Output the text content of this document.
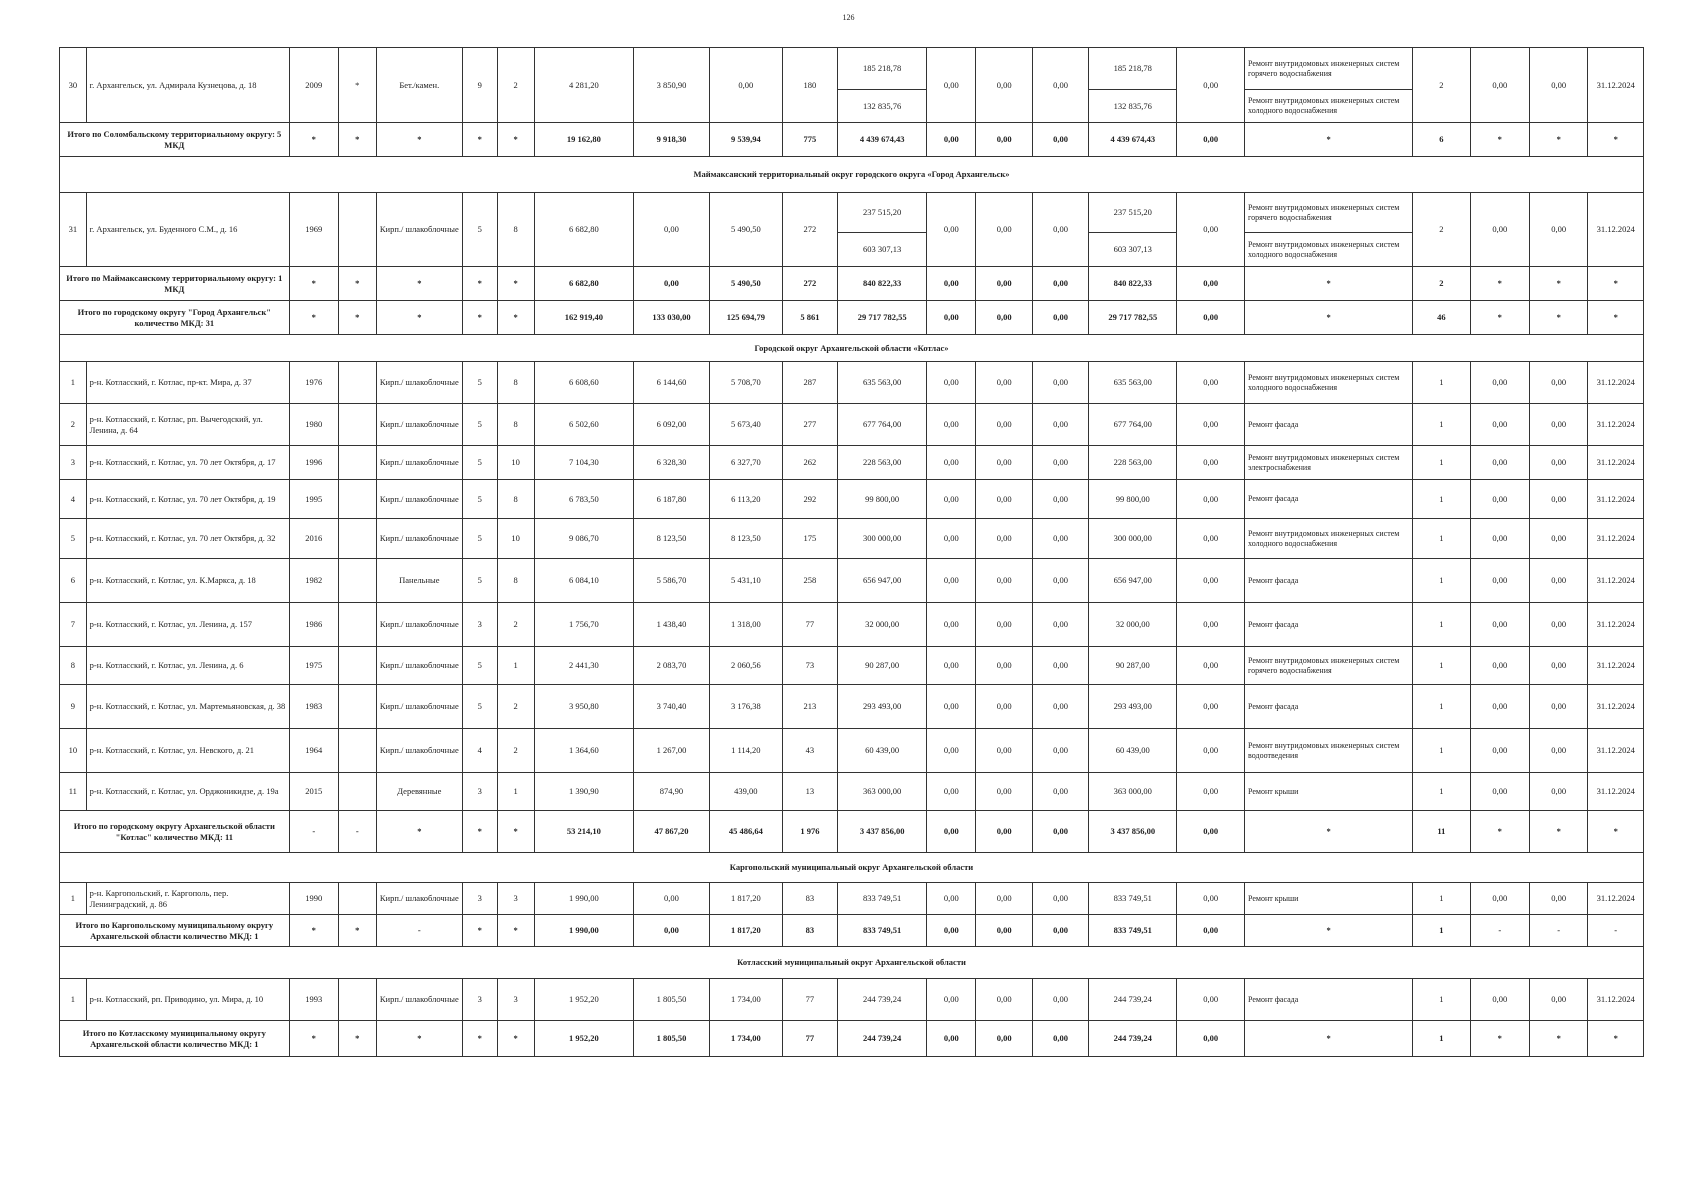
126
30	г. Архангельск, ул. Адмирала Кузнецова, д. 18	2009	*	Бет./камен.	9	2	4 281,20	3 850,90	0,00	180	185 218,78	0,00	0,00	0,00	185 218,78	0,00	Ремонт внутридомовых инженерных систем горячего водоснабжения	2	0,00	0,00	31.12.2024
											132 835,76				132 835,76		Ремонт внутридомовых инженерных систем холодного водоснабжения				
Итого по Соломбальскому территориальному округу: 5 МКД		*	*	*	*	*	19 162,80	9 918,30	9 539,94	775	4 439 674,43	0,00	0,00	0,00	4 439 674,43	0,00	*	6	*	*	*
Маймаксанский территориальный округ городского округа «Город Архангельск»																					
31	г. Архангельск, ул. Буденного С.М., д. 16	1969		Кирп./ шлакоблочные	5	8	6 682,80	0,00	5 490,50	272	237 515,20	0,00	0,00	0,00	237 515,20	0,00	Ремонт внутридомовых инженерных систем горячего водоснабжения	2	0,00	0,00	31.12.2024
											603 307,13				603 307,13		Ремонт внутридомовых инженерных систем холодного водоснабжения				
Итого по Маймаксанскому территориальному округу: 1 МКД		*	*	*	*	*	6 682,80	0,00	5 490,50	272	840 822,33	0,00	0,00	0,00	840 822,33	0,00	*	2	*	*	*
Итого по городскому округу "Город Архангельск" количество МКД: 31		*	*	*	*	*	162 919,40	133 030,00	125 694,79	5 861	29 717 782,55	0,00	0,00	0,00	29 717 782,55	0,00	*	46	*	*	*
Городской округ Архангельской области «Котлас»																					
1	р-н. Котласский, г. Котлас, пр-кт. Мира, д. 37	1976		Кирп./ шлакоблочные	5	8	6 608,60	6 144,60	5 708,70	287	635 563,00	0,00	0,00	0,00	635 563,00	0,00	Ремонт внутридомовых инженерных систем холодного водоснабжения	1	0,00	0,00	31.12.2024
2	р-н. Котласский, г. Котлас, рп. Вычегодский, ул. Ленина, д. 64	1980		Кирп./ шлакоблочные	5	8	6 502,60	6 092,00	5 673,40	277	677 764,00	0,00	0,00	0,00	677 764,00	0,00	Ремонт фасада	1	0,00	0,00	31.12.2024
3	р-н. Котласский, г. Котлас, ул. 70 лет Октября, д. 17	1996		Кирп./ шлакоблочные	5	10	7 104,30	6 328,30	6 327,70	262	228 563,00	0,00	0,00	0,00	228 563,00	0,00	Ремонт внутридомовых инженерных систем электроснабжения	1	0,00	0,00	31.12.2024
4	р-н. Котласский, г. Котлас, ул. 70 лет Октября, д. 19	1995		Кирп./ шлакоблочные	5	8	6 783,50	6 187,80	6 113,20	292	99 800,00	0,00	0,00	0,00	99 800,00	0,00	Ремонт фасада	1	0,00	0,00	31.12.2024
5	р-н. Котласский, г. Котлас, ул. 70 лет Октября, д. 32	2016		Кирп./ шлакоблочные	5	10	9 086,70	8 123,50	8 123,50	175	300 000,00	0,00	0,00	0,00	300 000,00	0,00	Ремонт внутридомовых инженерных систем холодного водоснабжения	1	0,00	0,00	31.12.2024
6	р-н. Котласский, г. Котлас, ул. К.Маркса, д. 18	1982		Панельные	5	8	6 084,10	5 586,70	5 431,10	258	656 947,00	0,00	0,00	0,00	656 947,00	0,00	Ремонт фасада	1	0,00	0,00	31.12.2024
7	р-н. Котласский, г. Котлас, ул. Ленина, д. 157	1986		Кирп./ шлакоблочные	3	2	1 756,70	1 438,40	1 318,00	77	32 000,00	0,00	0,00	0,00	32 000,00	0,00	Ремонт фасада	1	0,00	0,00	31.12.2024
8	р-н. Котласский, г. Котлас, ул. Ленина, д. 6	1975		Кирп./ шлакоблочные	5	1	2 441,30	2 083,70	2 060,56	73	90 287,00	0,00	0,00	0,00	90 287,00	0,00	Ремонт внутридомовых инженерных систем горячего водоснабжения	1	0,00	0,00	31.12.2024
9	р-н. Котласский, г. Котлас, ул. Мартемьяновская, д. 38	1983		Кирп./ шлакоблочные	5	2	3 950,80	3 740,40	3 176,38	213	293 493,00	0,00	0,00	0,00	293 493,00	0,00	Ремонт фасада	1	0,00	0,00	31.12.2024
10	р-н. Котласский, г. Котлас, ул. Невского, д. 21	1964		Кирп./ шлакоблочные	4	2	1 364,60	1 267,00	1 114,20	43	60 439,00	0,00	0,00	0,00	60 439,00	0,00	Ремонт внутридомовых инженерных систем водоотведения	1	0,00	0,00	31.12.2024
11	р-н. Котласский, г. Котлас, ул. Орджоникидзе, д. 19а	2015		Деревянные	3	1	1 390,90	874,90	439,00	13	363 000,00	0,00	0,00	0,00	363 000,00	0,00	Ремонт крыши	1	0,00	0,00	31.12.2024
Итого по городскому округу Архангельской области "Котлас" количество МКД: 11		-	-	*	*	*	53 214,10	47 867,20	45 486,64	1 976	3 437 856,00	0,00	0,00	0,00	3 437 856,00	0,00	*	11	*	*	*
Каргопольский муниципальный округ Архангельской области																					
1	р-н. Каргопольский, г. Каргополь, пер. Ленинградский, д. 86	1990		Кирп./ шлакоблочные	3	3	1 990,00	0,00	1 817,20	83	833 749,51	0,00	0,00	0,00	833 749,51	0,00	Ремонт крыши	1	0,00	0,00	31.12.2024
Итого по Каргопольскому муниципальному округу Архангельской области количество МКД: 1		*	*	-	*	*	1 990,00	0,00	1 817,20	83	833 749,51	0,00	0,00	0,00	833 749,51	0,00	*	1	-	-	-
Котласский муниципальный округ Архангельской области																					
1	р-н. Котласский, рп. Приводино, ул. Мира, д. 10	1993		Кирп./ шлакоблочные	3	3	1 952,20	1 805,50	1 734,00	77	244 739,24	0,00	0,00	0,00	244 739,24	0,00	Ремонт фасада	1	0,00	0,00	31.12.2024
Итого по Котласскому муниципальному округу Архангельской области количество МКД: 1		*	*	*	*	*	1 952,20	1 805,50	1 734,00	77	244 739,24	0,00	0,00	0,00	244 739,24	0,00	*	1	*	*	*
